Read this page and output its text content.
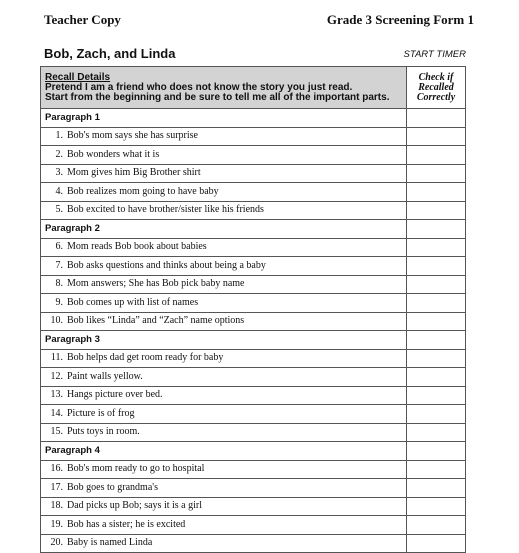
Teacher Copy	Grade 3 Screening Form 1
Bob, Zach, and Linda	START TIMER
Recall Details
Pretend I am a friend who does not know the story you just read.
Start from the beginning and be sure to tell me all of the important parts.	Check if
Recalled
Correctly
Paragraph 1	
1. Bob's mom says she has surprise	
2. Bob wonders what it is	
3. Mom gives him Big Brother shirt	
4. Bob realizes mom going to have baby	
5. Bob excited to have brother/sister like his friends	
Paragraph 2	
6. Mom reads Bob book about babies	
7. Bob asks questions and thinks about being a baby	
8. Mom answers; She has Bob pick baby name	
9. Bob comes up with list of names	
10. Bob likes “Linda” and “Zach” name options	
Paragraph 3	
11. Bob helps dad get room ready for baby	
12. Paint walls yellow.	
13. Hangs picture over bed.	
14. Picture is of frog	
15. Puts toys in room.	
Paragraph 4	
16. Bob's mom ready to go to hospital	
17. Bob goes to grandma's	
18. Dad picks up Bob; says it is a girl	
19. Bob has a sister; he is excited	
20. Baby is named Linda	
